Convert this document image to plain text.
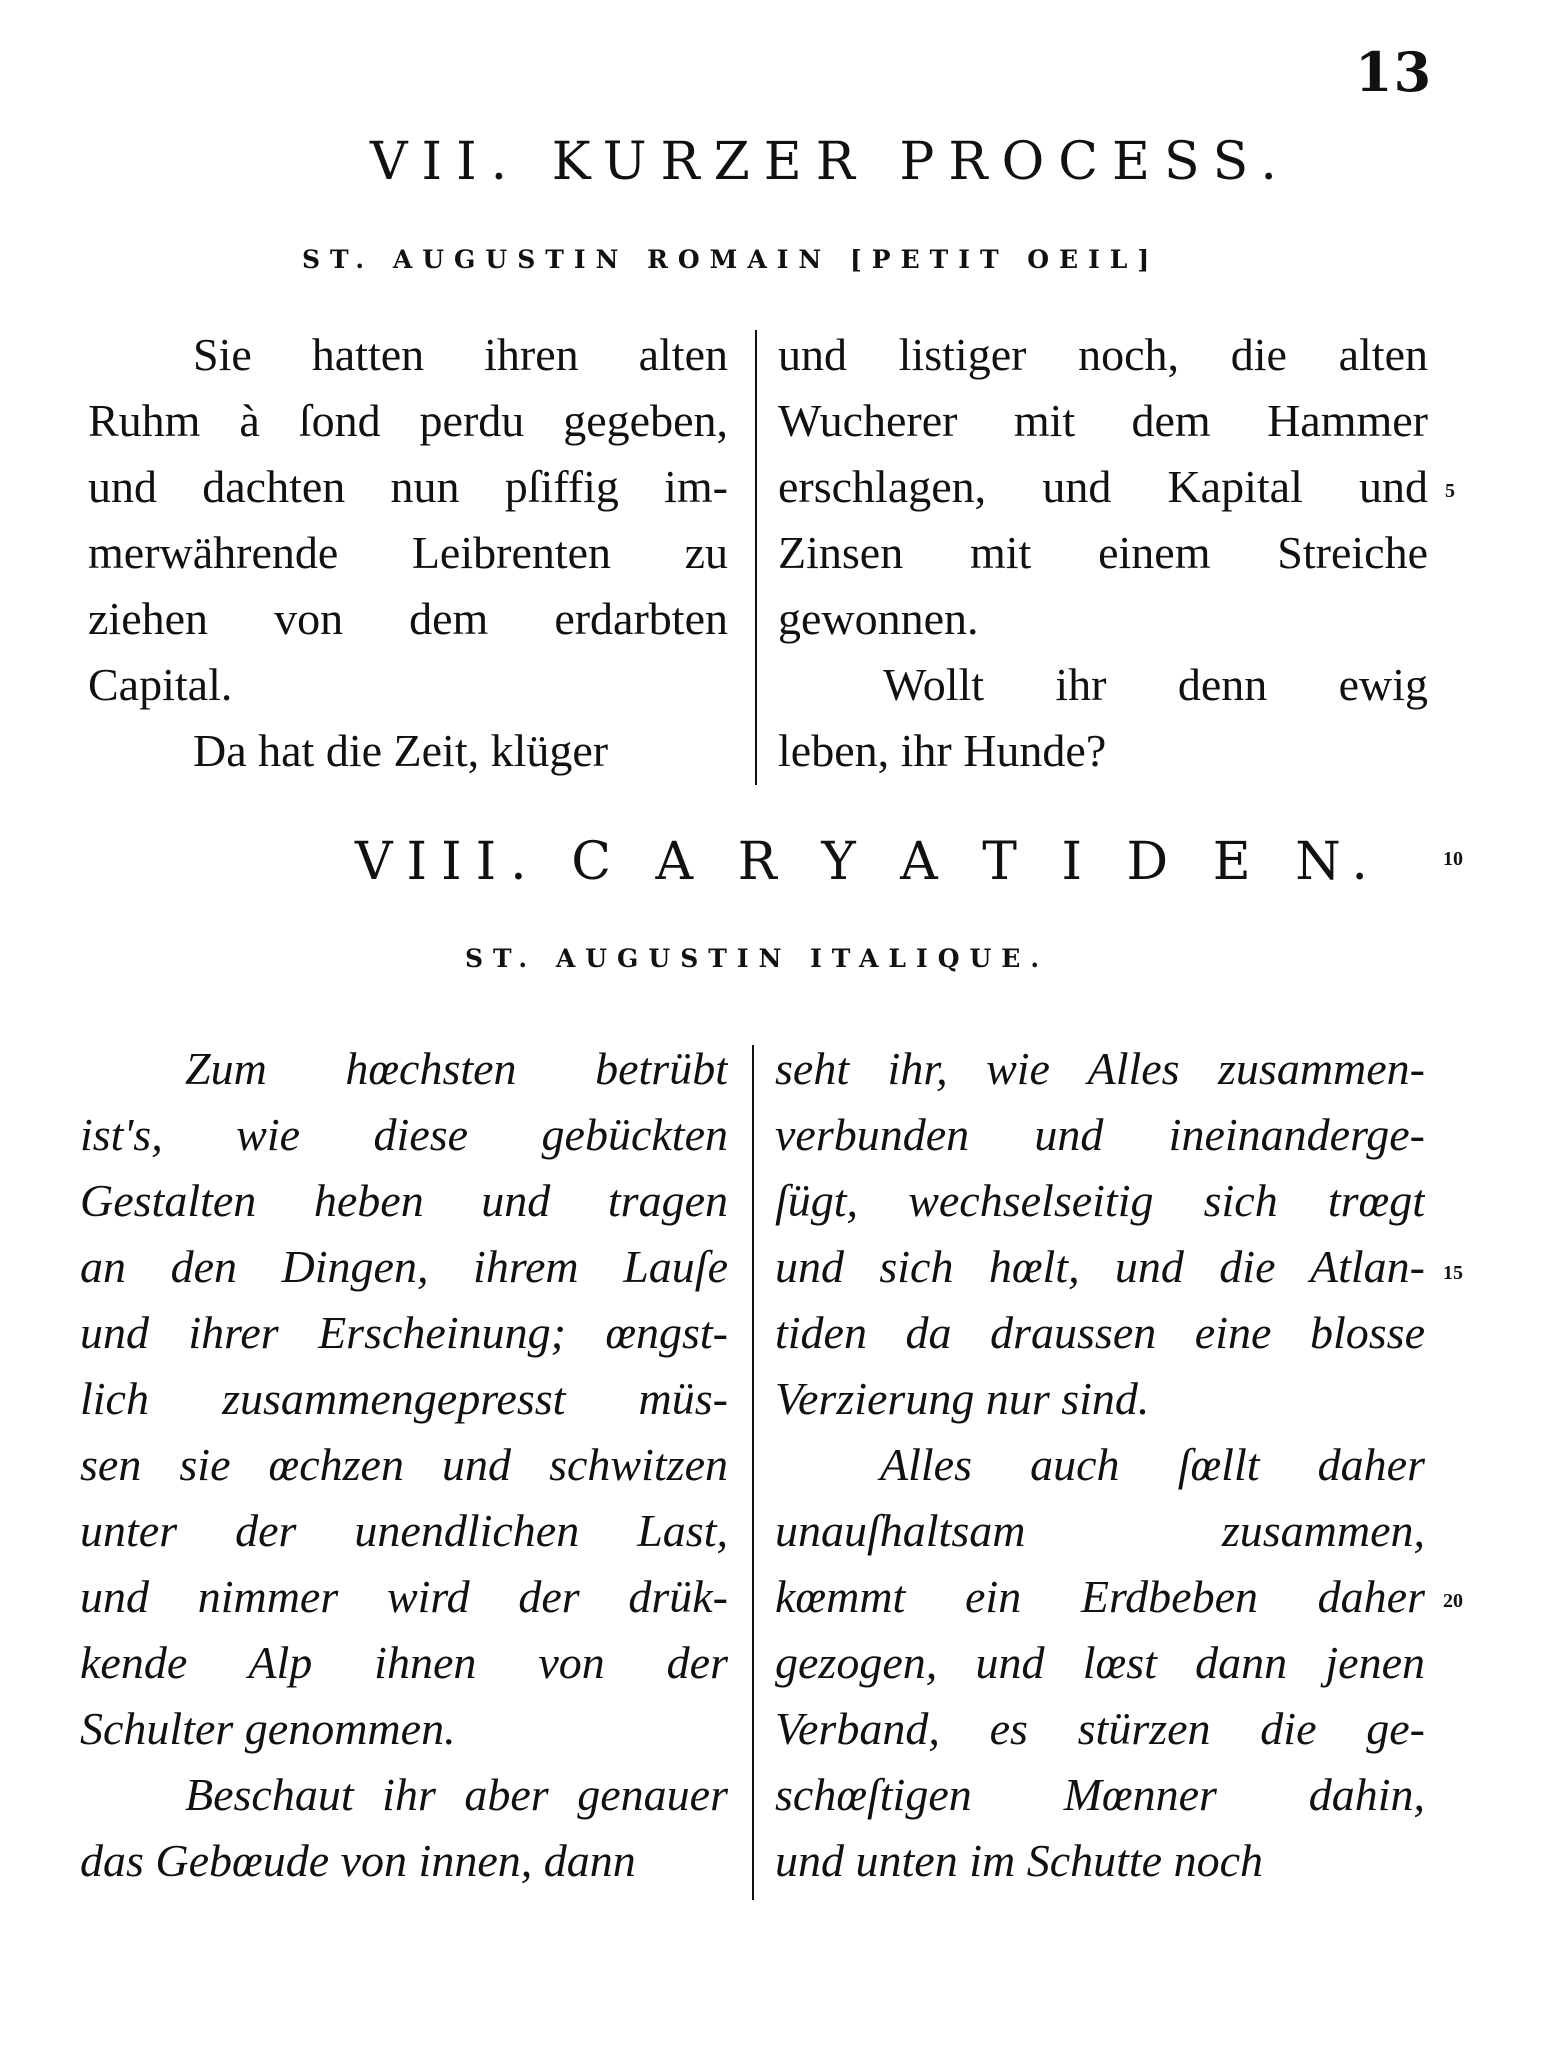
13
VII. KURZER PROCESS.
ST. AUGUSTIN ROMAIN [PETIT OEIL]
Sie hatten ihren alten
Ruhm à ſond perdu gegeben,
und dachten nun pſiffig im-
merwährende Leibrenten zu
ziehen von dem erdarbten
Capital.
Da hat die Zeit, klüger
und listiger noch, die alten
Wucherer mit dem Hammer
erschlagen, und Kapital und
Zinsen mit einem Streiche
gewonnen.
Wollt ihr denn ewig
leben, ihr Hunde?
VIII. C A R Y A T I D E N.
ST. AUGUSTIN ITALIQUE.
Zum hœchsten betrübt
ist's, wie diese gebückten
Gestalten heben und tragen
an den Dingen, ihrem Lauſe
und ihrer Erscheinung; œngst-
lich zusammengepresst müs-
sen sie œchzen und schwitzen
unter der unendlichen Last,
und nimmer wird der drük-
kende Alp ihnen von der
Schulter genommen.
Beschaut ihr aber genauer
das Gebœude von innen, dann
seht ihr, wie Alles zusammen-
verbunden und ineinanderge-
ſügt, wechselseitig sich trœgt
und sich hœlt, und die Atlan-
tiden da draussen eine blosse
Verzierung nur sind.
Alles auch ſœllt daher
unauſhaltsam zusammen,
kœmmt ein Erdbeben daher
gezogen, und lœst dann jenen
Verband, es stürzen die ge-
schœſtigen Mœnner dahin,
und unten im Schutte noch
5
10
15
20
